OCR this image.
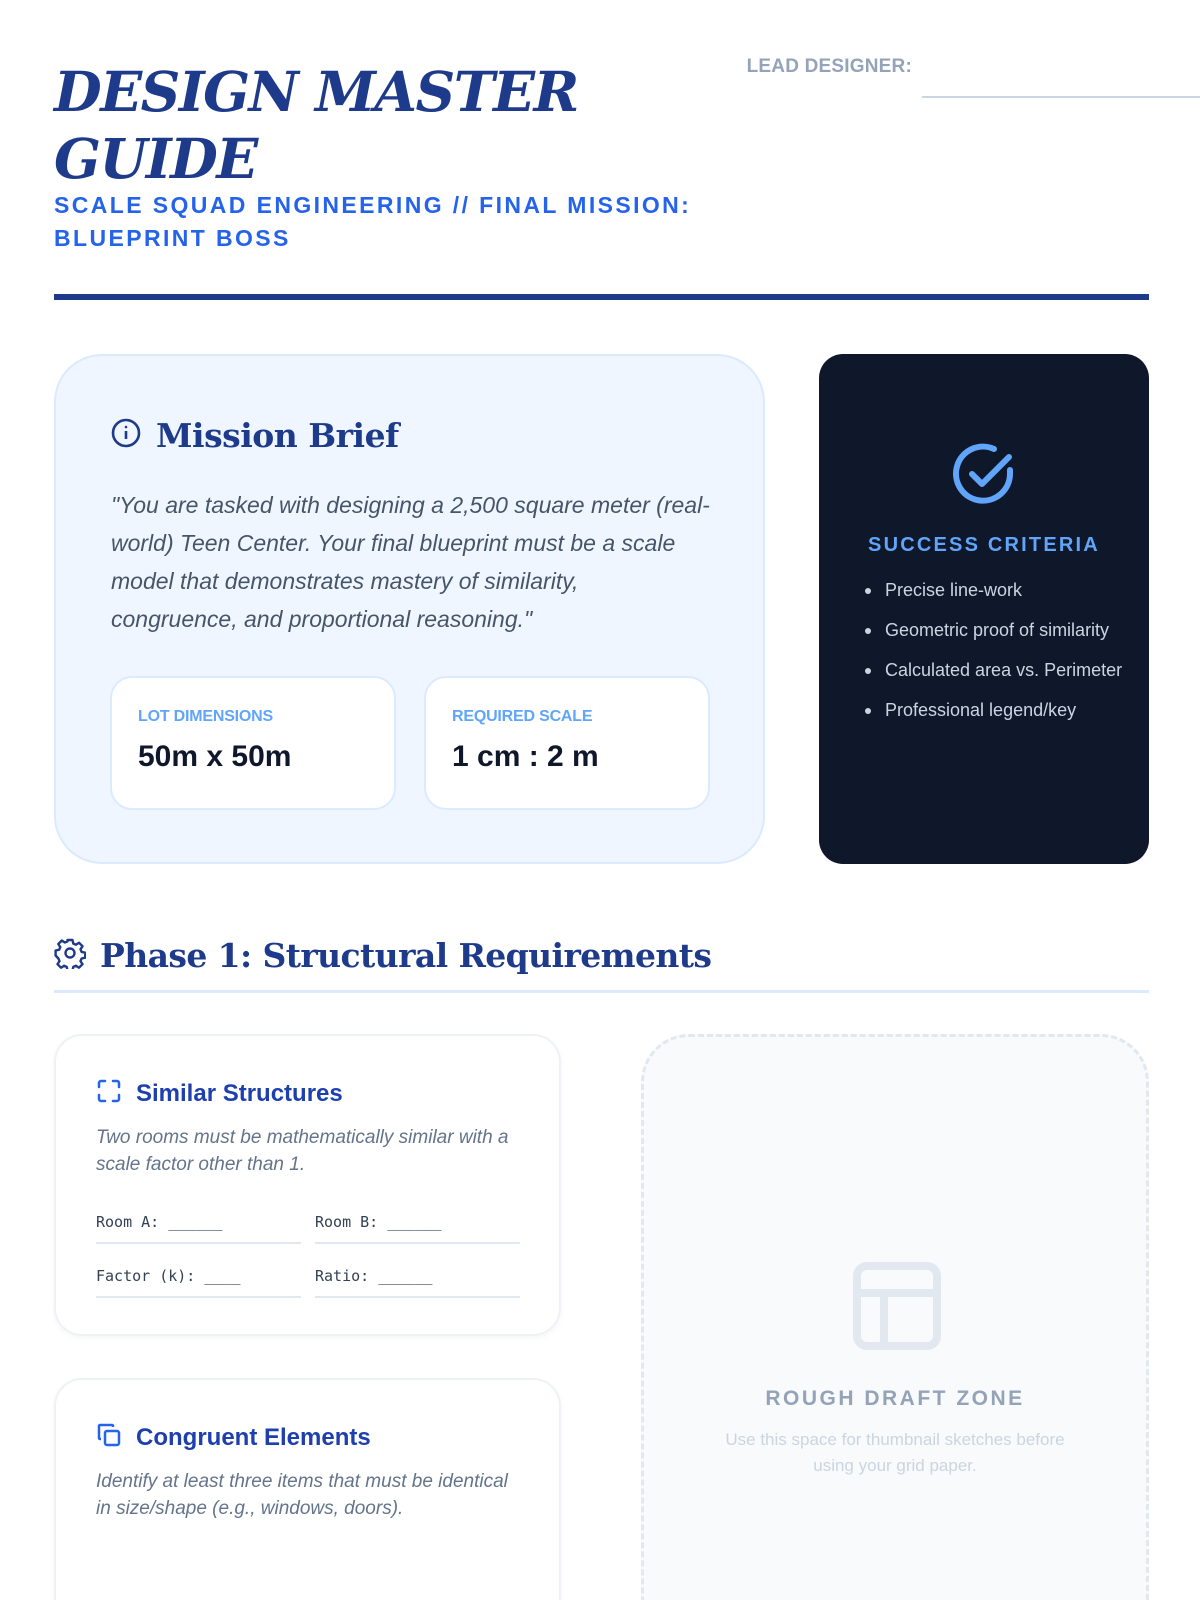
DESIGN MASTER GUIDE
SCALE SQUAD ENGINEERING // FINAL MISSION: BLUEPRINT BOSS
LEAD DESIGNER:
Mission Brief

"You are tasked with designing a 2,500 square meter (real-world) Teen Center. Your final blueprint must be a scale model that demonstrates mastery of similarity, congruence, and proportional reasoning."

LOT DIMENSIONS
50m x 50m
REQUIRED SCALE
1 cm : 2 m
SUCCESS CRITERIA
Precise line-work
Geometric proof of similarity
Calculated area vs. Perimeter
Professional legend/key
Phase 1: Structural Requirements
Similar Structures

Two rooms must be mathematically similar with a scale factor other than 1.

Room A: ______	Room B: ______
Factor (k): ____	Ratio: ______
Congruent Elements

Identify at least three items that must be identical in size/shape (e.g., windows, doors).

ROUGH DRAFT ZONE

Use this space for thumbnail sketches before using your grid paper.
